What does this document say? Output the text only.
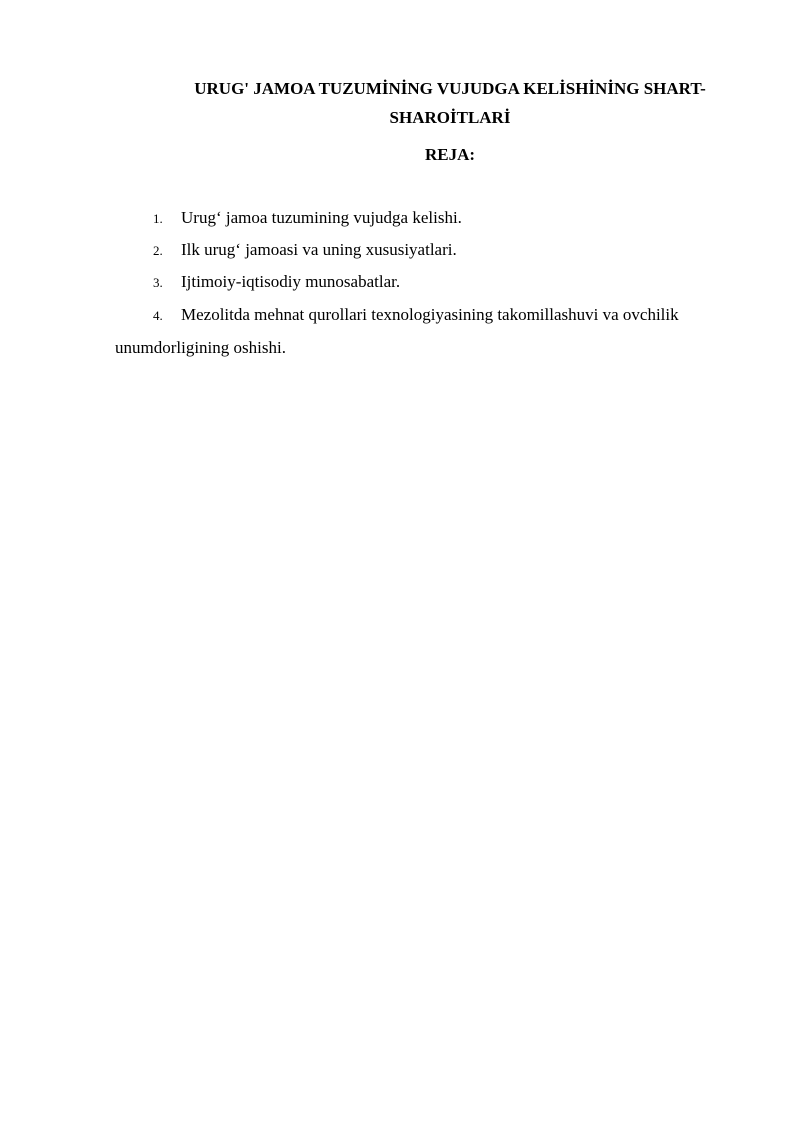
URUG' JAMOA TUZUMİNİNG VUJUDGA KELİSHİNİNG SHART-

SHAROİTLARİ

REJA:

1. Urug‘ jamoa tuzumining vujudga kelishi.

2. Ilk urug‘ jamoasi va uning xususiyatlari.

3. Ijtimoiy-iqtisodiy munosabatlar.

4. Mezolitda mehnat qurollari texnologiyasining takomillashuvi va ovchilik

unumdorligining oshishi.
